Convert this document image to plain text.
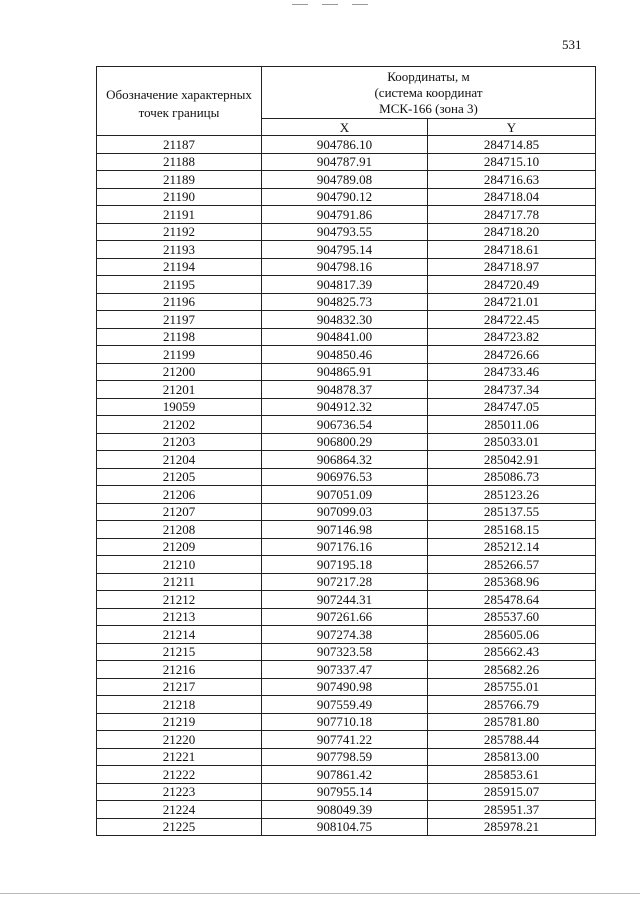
531
Обозначение характерных точек границы	Координаты, м
(система координат
МСК-166 (зона 3)	

	X	Y
21187	904786.10	284714.85
21188	904787.91	284715.10
21189	904789.08	284716.63
21190	904790.12	284718.04
21191	904791.86	284717.78
21192	904793.55	284718.20
21193	904795.14	284718.61
21194	904798.16	284718.97
21195	904817.39	284720.49
21196	904825.73	284721.01
21197	904832.30	284722.45
21198	904841.00	284723.82
21199	904850.46	284726.66
21200	904865.91	284733.46
21201	904878.37	284737.34
19059	904912.32	284747.05
21202	906736.54	285011.06
21203	906800.29	285033.01
21204	906864.32	285042.91
21205	906976.53	285086.73
21206	907051.09	285123.26
21207	907099.03	285137.55
21208	907146.98	285168.15
21209	907176.16	285212.14
21210	907195.18	285266.57
21211	907217.28	285368.96
21212	907244.31	285478.64
21213	907261.66	285537.60
21214	907274.38	285605.06
21215	907323.58	285662.43
21216	907337.47	285682.26
21217	907490.98	285755.01
21218	907559.49	285766.79
21219	907710.18	285781.80
21220	907741.22	285788.44
21221	907798.59	285813.00
21222	907861.42	285853.61
21223	907955.14	285915.07
21224	908049.39	285951.37
21225	908104.75	285978.21
